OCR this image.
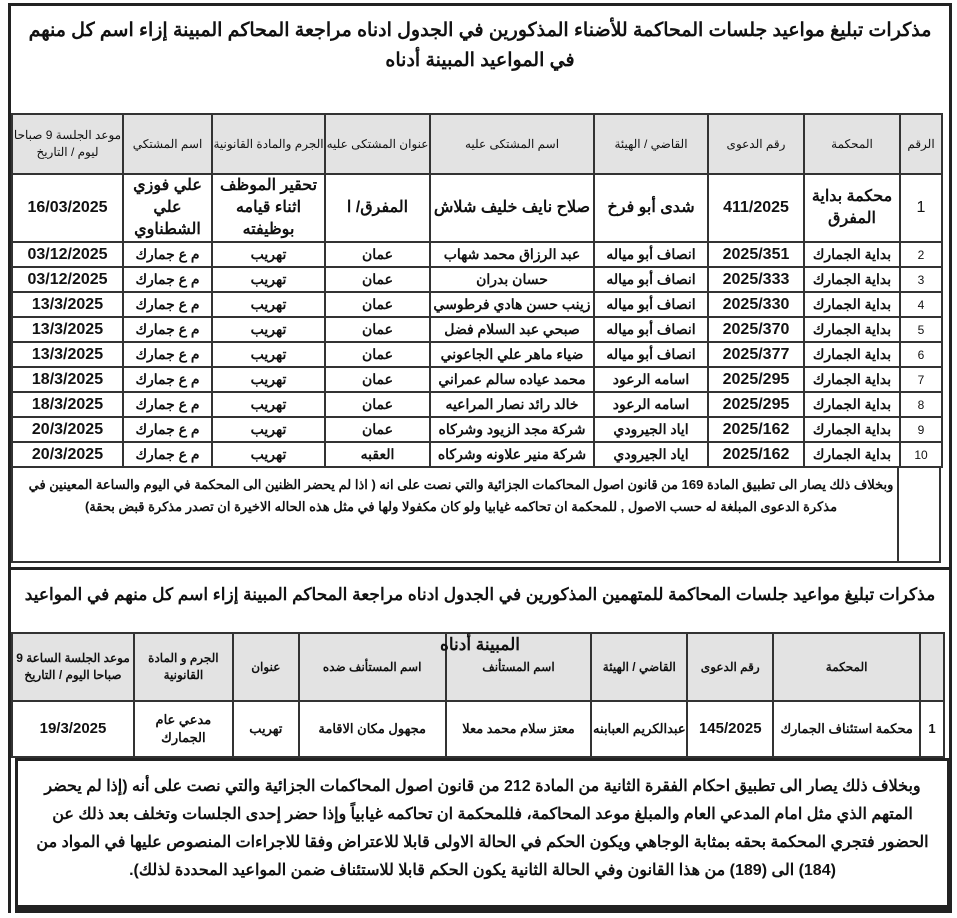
مذكرات تبليغ مواعيد جلسات المحاكمة للأضناء المذكورين في الجدول ادناه مراجعة المحاكم المبينة إزاء اسم كل منهم في المواعيد المبينة أدناه
الرقم	المحكمة	رقم الدعوى	القاضي / الهيئة	اسم المشتكى عليه	عنوان المشتكى عليه	الجرم والمادة القانونية	اسم المشتكي	موعد الجلسة 9 صباحا ليوم / التاريخ
1	محكمة بداية المفرق	411/2025	شدى أبو فرخ	صلاح نايف خليف شلاش	المفرق/ ا	تحقير الموظف اثناء قيامه بوظيفته	علي فوزي علي الشطناوي	16/03/2025
2	بداية الجمارك	2025/351	انصاف أبو مياله	عبد الرزاق محمد شهاب	عمان	تهريب	م ع جمارك	03/12/2025
3	بداية الجمارك	2025/333	انصاف أبو مياله	حسان بدران	عمان	تهريب	م ع جمارك	03/12/2025
4	بداية الجمارك	2025/330	انصاف أبو مياله	زينب حسن هادي فرطوسي	عمان	تهريب	م ع جمارك	13/3/2025
5	بداية الجمارك	2025/370	انصاف أبو مياله	صبحي عبد السلام فضل	عمان	تهريب	م ع جمارك	13/3/2025
6	بداية الجمارك	2025/377	انصاف أبو مياله	ضياء ماهر علي الجاعوني	عمان	تهريب	م ع جمارك	13/3/2025
7	بداية الجمارك	2025/295	اسامه الرعود	محمد عياده سالم عمراني	عمان	تهريب	م ع جمارك	18/3/2025
8	بداية الجمارك	2025/295	اسامه الرعود	خالد رائد نصار المراعيه	عمان	تهريب	م ع جمارك	18/3/2025
9	بداية الجمارك	2025/162	اياد الجيرودي	شركة مجد الزيود وشركاه	عمان	تهريب	م ع جمارك	20/3/2025
10	بداية الجمارك	2025/162	اياد الجيرودي	شركة منير علاونه وشركاه	العقبه	تهريب	م ع جمارك	20/3/2025
وبخلاف ذلك يصار الى تطبيق المادة 169 من قانون اصول المحاكمات الجزائية والتي نصت على انه ( اذا لم يحضر الظنين الى المحكمة في اليوم والساعة المعينين في مذكرة الدعوى المبلغة له حسب الاصول , للمحكمة ان تحاكمه غيابيا ولو كان مكفولا ولها في مثل هذه الحاله الاخيرة ان تصدر مذكرة قبض بحقة)
مذكرات تبليغ مواعيد جلسات المحاكمة للمتهمين المذكورين في الجدول ادناه مراجعة المحاكم المبينة إزاء اسم كل منهم في المواعيد المبينة أدناه
	المحكمة	رقم الدعوى	القاضي / الهيئة	اسم المستأنف	اسم المستأنف ضده	عنوان	الجرم و المادة القانونية	موعد الجلسة الساعة 9 صباحا اليوم / التاريخ
1	محكمة استئناف الجمارك	145/2025	عبدالكريم العبابنه	معتز سلام محمد معلا	مجهول مكان الاقامة	تهريب	مدعي عام الجمارك	19/3/2025
وبخلاف ذلك يصار الى تطبيق احكام الفقرة الثانية من المادة 212 من قانون اصول المحاكمات الجزائية والتي نصت على أنه (إذا لم يحضر المتهم الذي مثل امام المدعي العام والمبلغ موعد المحاكمة، فللمحكمة ان تحاكمه غيابياً وإذا حضر إحدى الجلسات وتخلف بعد ذلك عن الحضور فتجري المحكمة بحقه بمثابة الوجاهي ويكون الحكم في الحالة الاولى قابلا للاعتراض وفقا للاجراءات المنصوص عليها في المواد من (184) الى (189) من هذا القانون وفي الحالة الثانية يكون الحكم قابلا للاستئناف ضمن المواعيد المحددة لذلك).
